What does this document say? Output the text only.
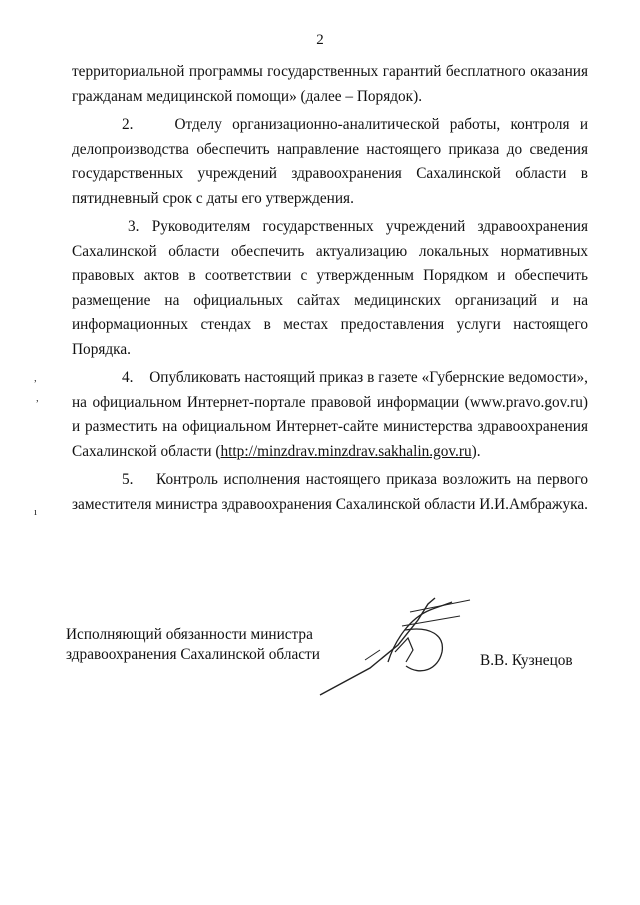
2

территориальной программы государственных гарантий бесплатного оказания гражданам медицинской помощи» (далее – Порядок).

2.	Отделу организационно-аналитической работы, контроля и делопроизводства обеспечить направление настоящего приказа до сведения государственных учреждений здравоохранения Сахалинской области в пятидневный срок с даты его утверждения.

3. Руководителям государственных учреждений здравоохранения Сахалинской области обеспечить актуализацию локальных нормативных правовых актов в соответствии с утвержденным Порядком и обеспечить размещение на официальных сайтах медицинских организаций и на информационных стендах в местах предоставления услуги настоящего Порядка.

4. Опубликовать настоящий приказ в газете «Губернские ведомости», на официальном Интернет-портале правовой информации (www.pravo.gov.ru) и разместить на официальном Интернет-сайте министерства здравоохранения Сахалинской области (http://minzdrav.minzdrav.sakhalin.gov.ru).

5. Контроль исполнения настоящего приказа возложить на первого заместителя министра здравоохранения Сахалинской области И.И.Амбражука.

Исполняющий обязанности министра
здравоохранения Сахалинской области	В.В. Кузнецов
,
,
ı
